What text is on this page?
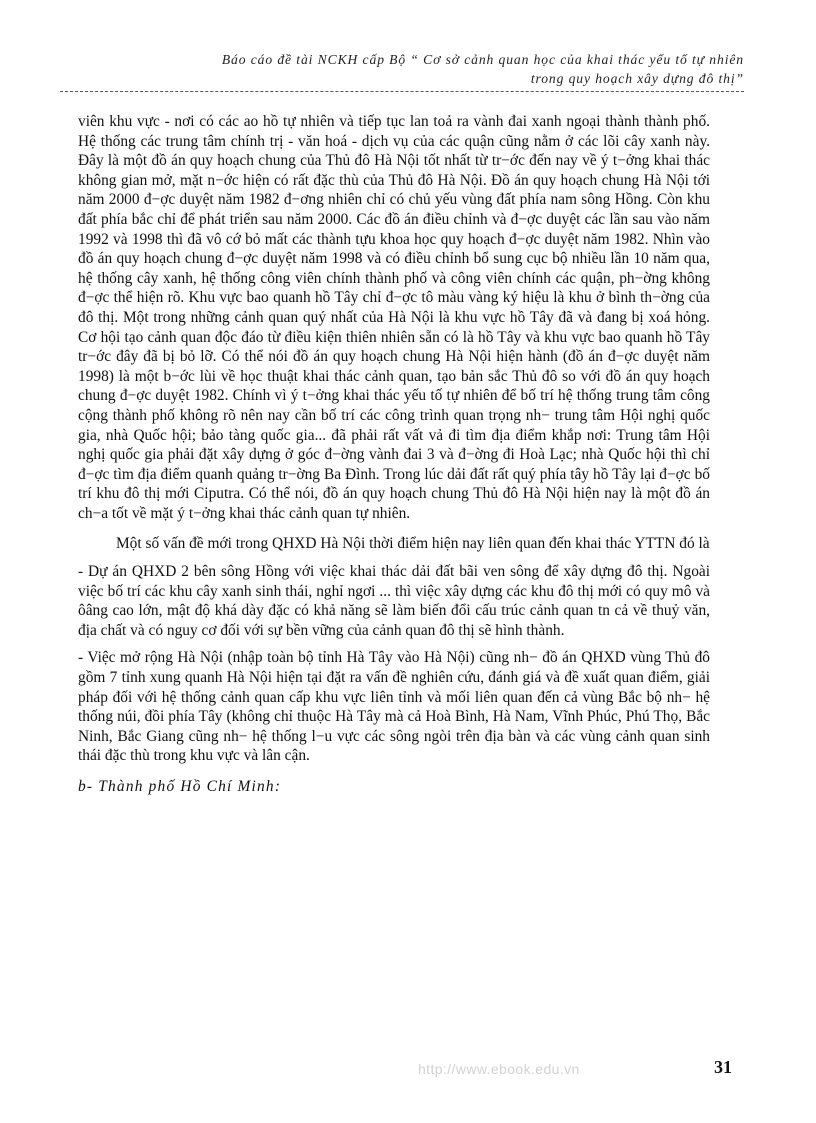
Báo cáo đề tài NCKH cấp Bộ “ Cơ sở cảnh quan học của khai thác yếu tố tự nhiên
trong quy hoạch xây dựng đô thị”

viên khu vực - nơi có các ao hồ tự nhiên và tiếp tục lan toả ra vành đai xanh ngoại thành thành phố. Hệ thống các trung tâm chính trị - văn hoá - dịch vụ của các quận cũng nằm ở các lõi cây xanh này. Đây là một đồ án quy hoạch chung của Thủ đô Hà Nội tốt nhất từ tr−ớc đến nay về ý t−ởng khai thác không gian mở, mặt n−ớc hiện có rất đặc thù của Thủ đô Hà Nội. Đồ án quy hoạch chung Hà Nội tới năm 2000 đ−ợc duyệt năm 1982 đ−ơng nhiên chỉ có chủ yếu vùng đất phía nam sông Hồng. Còn khu đất phía bắc chỉ để phát triển sau năm 2000. Các đồ án điều chỉnh và đ−ợc duyệt các lần sau vào năm 1992 và 1998 thì đã vô cớ bỏ mất các thành tựu khoa học quy hoạch đ−ợc duyệt năm 1982. Nhìn vào đồ án quy hoạch chung đ−ợc duyệt năm 1998 và có điều chỉnh bổ sung cục bộ nhiều lần 10 năm qua, hệ thống cây xanh, hệ thống công viên chính thành phố và công viên chính các quận, ph−ờng không đ−ợc thể hiện rõ. Khu vực bao quanh hồ Tây chỉ đ−ợc tô màu vàng ký hiệu là khu ở bình th−ờng của đô thị. Một trong những cảnh quan quý nhất của Hà Nội là khu vực hồ Tây đã và đang bị xoá hỏng. Cơ hội tạo cảnh quan độc đáo từ điều kiện thiên nhiên sẵn có là hồ Tây và khu vực bao quanh hồ Tây tr−ớc đây đã bị bỏ lỡ. Có thể nói đồ án quy hoạch chung Hà Nội hiện hành (đồ án đ−ợc duyệt năm 1998) là một b−ớc lùi về học thuật khai thác cảnh quan, tạo bản sắc Thủ đô so với đồ án quy hoạch chung đ−ợc duyệt 1982. Chính vì ý t−ởng khai thác yếu tố tự nhiên để bố trí hệ thống trung tâm công cộng thành phố không rõ nên nay cần bố trí các công trình quan trọng nh− trung tâm Hội nghị quốc gia, nhà Quốc hội; bảo tàng quốc gia... đã phải rất vất vả đi tìm địa điểm khắp nơi: Trung tâm Hội nghị quốc gia phải đặt xây dựng ở góc đ−ờng vành đai 3 và đ−ờng đi Hoà Lạc; nhà Quốc hội thì chỉ đ−ợc tìm địa điểm quanh quảng tr−ờng Ba Đình. Trong lúc dải đất rất quý phía tây hồ Tây lại đ−ợc bố trí khu đô thị mới Ciputra. Có thể nói, đồ án quy hoạch chung Thủ đô Hà Nội hiện nay là một đồ án ch−a tốt về mặt ý t−ởng khai thác cảnh quan tự nhiên.

Một số vấn đề mới trong QHXD Hà Nội thời điểm hiện nay liên quan đến khai thác YTTN đó là

- Dự án QHXD 2 bên sông Hồng với việc khai thác dải đất bãi ven sông để xây dựng đô thị. Ngoài việc bố trí các khu cây xanh sinh thái, nghỉ ngơi ... thì việc xây dựng các khu đô thị mới có quy mô và ôâng cao lớn, mật độ khá dày đặc có khả năng sẽ làm biến đổi cấu trúc cảnh quan tn cả về thuỷ văn, địa chất và có nguy cơ đối với sự bền vững của cảnh quan đô thị sẽ hình thành.

- Việc mở rộng Hà Nội (nhập toàn bộ tỉnh Hà Tây vào Hà Nội) cũng nh− đồ án QHXD vùng Thủ đô gồm 7 tỉnh xung quanh Hà Nội hiện tại đặt ra vấn đề nghiên cứu, đánh giá và đề xuất quan điểm, giải pháp đối với hệ thống cảnh quan cấp khu vực liên tỉnh và mối liên quan đến cả vùng Bắc bộ nh− hệ thống núi, đồi phía Tây (không chỉ thuộc Hà Tây mà cả Hoà Bình, Hà Nam, Vĩnh Phúc, Phú Thọ, Bắc Ninh, Bắc Giang cũng nh− hệ thống l−u vực các sông ngòi trên địa bàn và các vùng cảnh quan sinh thái đặc thù trong khu vực và lân cận.

b- Thành phố Hồ Chí Minh:

http://www.ebook.edu.vn	31
